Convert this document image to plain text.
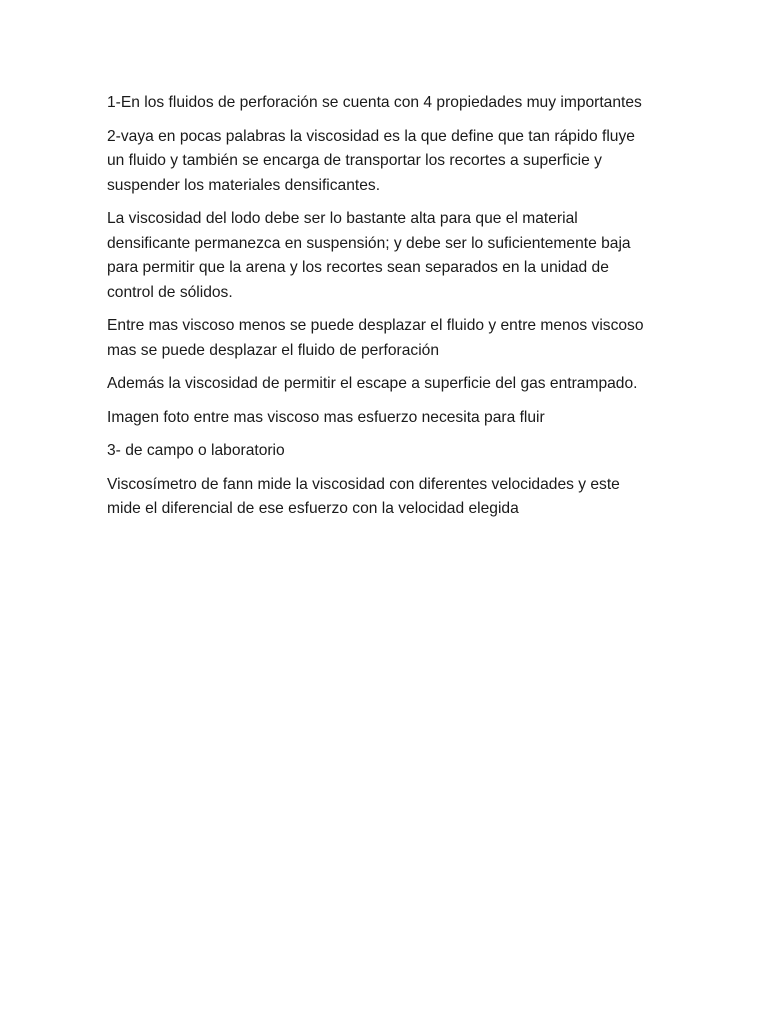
1-En los fluidos de perforación se cuenta con 4 propiedades muy importantes

2-vaya en pocas palabras la viscosidad es la que define que tan rápido fluye
un fluido y también se encarga de transportar los recortes a superficie y
suspender los materiales densificantes.

La viscosidad del lodo debe ser lo bastante alta para que el material
densificante permanezca en suspensión; y debe ser lo suficientemente baja
para permitir que la arena y los recortes sean separados en la unidad de
control de sólidos.

Entre mas viscoso menos se puede desplazar el fluido y entre menos viscoso
mas se puede desplazar el fluido de perforación

Además la viscosidad de permitir el escape a superficie del gas entrampado.

Imagen foto entre mas viscoso mas esfuerzo necesita para fluir

3- de campo o laboratorio

Viscosímetro de fann mide la viscosidad con diferentes velocidades y este
mide el diferencial de ese esfuerzo con la velocidad elegida
